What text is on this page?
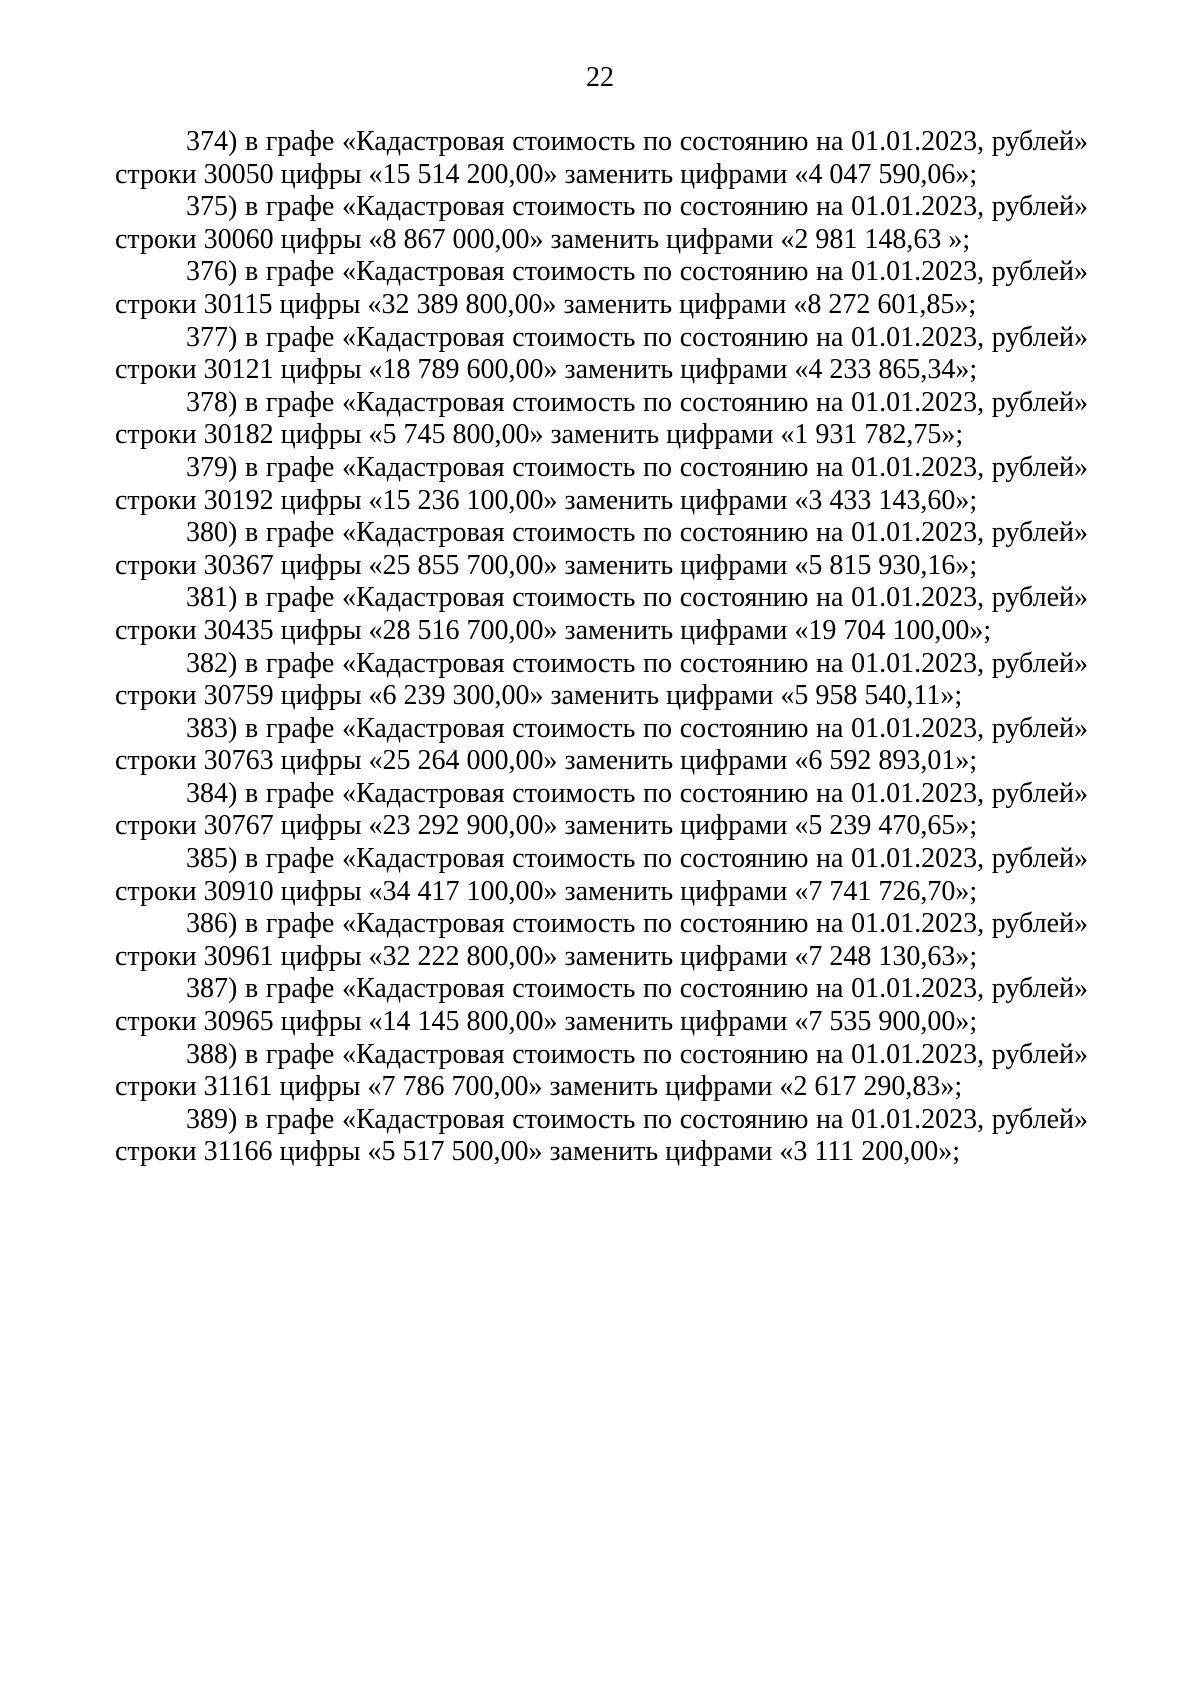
22

374) в графе «Кадастровая стоимость по состоянию на 01.01.2023, рублей» строки 30050 цифры «15 514 200,00» заменить цифрами «4 047 590,06»;

375) в графе «Кадастровая стоимость по состоянию на 01.01.2023, рублей» строки 30060 цифры «8 867 000,00» заменить цифрами «2 981 148,63 »;

376) в графе «Кадастровая стоимость по состоянию на 01.01.2023, рублей» строки 30115 цифры «32 389 800,00» заменить цифрами «8 272 601,85»;

377) в графе «Кадастровая стоимость по состоянию на 01.01.2023, рублей» строки 30121 цифры «18 789 600,00» заменить цифрами «4 233 865,34»;

378) в графе «Кадастровая стоимость по состоянию на 01.01.2023, рублей» строки 30182 цифры «5 745 800,00» заменить цифрами «1 931 782,75»;

379) в графе «Кадастровая стоимость по состоянию на 01.01.2023, рублей» строки 30192 цифры «15 236 100,00» заменить цифрами «3 433 143,60»;

380) в графе «Кадастровая стоимость по состоянию на 01.01.2023, рублей» строки 30367 цифры «25 855 700,00» заменить цифрами «5 815 930,16»;

381) в графе «Кадастровая стоимость по состоянию на 01.01.2023, рублей» строки 30435 цифры «28 516 700,00» заменить цифрами «19 704 100,00»;

382) в графе «Кадастровая стоимость по состоянию на 01.01.2023, рублей» строки 30759 цифры «6 239 300,00» заменить цифрами «5 958 540,11»;

383) в графе «Кадастровая стоимость по состоянию на 01.01.2023, рублей» строки 30763 цифры «25 264 000,00» заменить цифрами «6 592 893,01»;

384) в графе «Кадастровая стоимость по состоянию на 01.01.2023, рублей» строки 30767 цифры «23 292 900,00» заменить цифрами «5 239 470,65»;

385) в графе «Кадастровая стоимость по состоянию на 01.01.2023, рублей» строки 30910 цифры «34 417 100,00» заменить цифрами «7 741 726,70»;

386) в графе «Кадастровая стоимость по состоянию на 01.01.2023, рублей» строки 30961 цифры «32 222 800,00» заменить цифрами «7 248 130,63»;

387) в графе «Кадастровая стоимость по состоянию на 01.01.2023, рублей» строки 30965 цифры «14 145 800,00» заменить цифрами «7 535 900,00»;

388) в графе «Кадастровая стоимость по состоянию на 01.01.2023, рублей» строки 31161 цифры «7 786 700,00» заменить цифрами «2 617 290,83»;

389) в графе «Кадастровая стоимость по состоянию на 01.01.2023, рублей» строки 31166 цифры «5 517 500,00» заменить цифрами «3 111 200,00»;
